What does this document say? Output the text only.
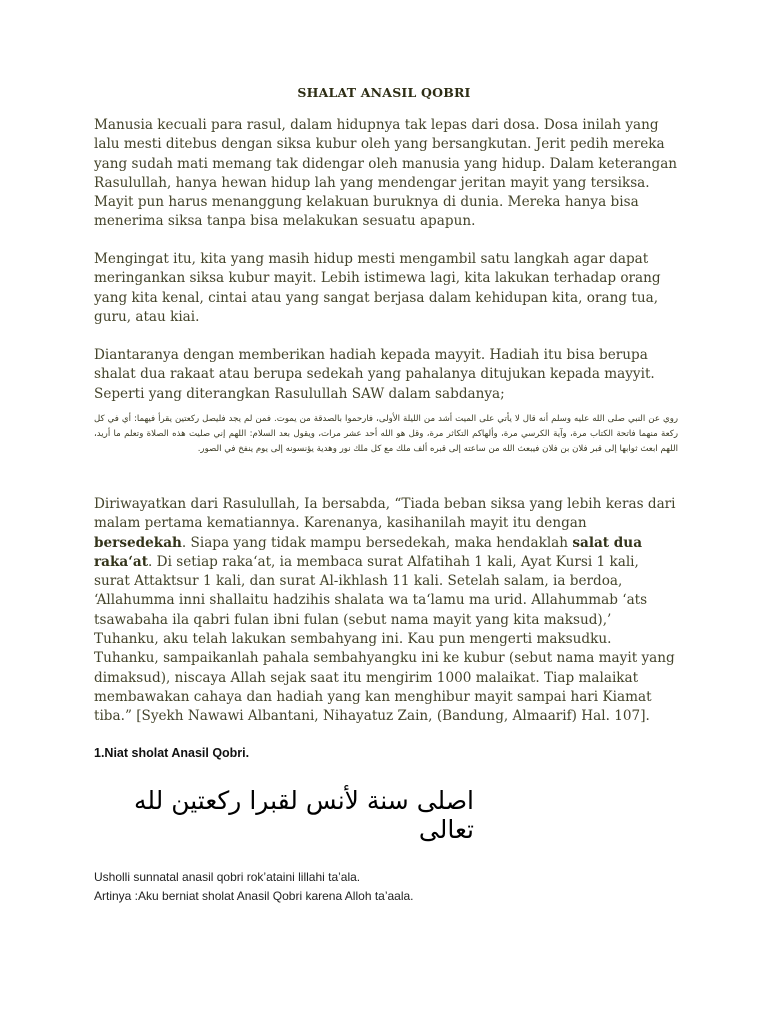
SHALAT ANASIL QOBRI

Manusia kecuali para rasul, dalam hidupnya tak lepas dari dosa. Dosa inilah yang lalu mesti ditebus dengan siksa kubur oleh yang bersangkutan. Jerit pedih mereka yang sudah mati memang tak didengar oleh manusia yang hidup. Dalam keterangan Rasulullah, hanya hewan hidup lah yang mendengar jeritan mayit yang tersiksa. Mayit pun harus menanggung kelakuan buruknya di dunia. Mereka hanya bisa menerima siksa tanpa bisa melakukan sesuatu apapun.

Mengingat itu, kita yang masih hidup mesti mengambil satu langkah agar dapat meringankan siksa kubur mayit. Lebih istimewa lagi, kita lakukan terhadap orang yang kita kenal, cintai atau yang sangat berjasa dalam kehidupan kita, orang tua, guru, atau kiai.

Diantaranya dengan memberikan hadiah kepada mayyit. Hadiah itu bisa berupa shalat dua rakaat atau berupa sedekah yang pahalanya ditujukan kepada mayyit. Seperti yang diterangkan Rasulullah SAW dalam sabdanya;

روي عن النبي صلى الله عليه وسلم أنه قال لا يأتي على الميت أشد من الليلة الأولى، فارحموا بالصدقة من يموت. فمن لم يجد فليصل ركعتين يقرأ فيهما: أي في كل ركعة منهما فاتحة الكتاب مرة، وآية الكرسي مرة، وألهاكم التكاثر مرة، وقل هو الله أحد عشر مرات، ويقول بعد السلام: اللهم إني صليت هذه الصلاة وتعلم ما أريد، اللهم ابعث ثوابها إلى قبر فلان بن فلان فيبعث الله من ساعته إلى قبره ألف ملك مع كل ملك نور وهدية يؤنسونه إلى يوم ينفخ في الصور.

Diriwayatkan dari Rasulullah, Ia bersabda, “Tiada beban siksa yang lebih keras dari malam pertama kematiannya. Karenanya, kasihanilah mayit itu dengan bersedekah. Siapa yang tidak mampu bersedekah, maka hendaklah salat dua raka‘at. Di setiap raka‘at, ia membaca surat Alfatihah 1 kali, Ayat Kursi 1 kali, surat Attaktsur 1 kali, dan surat Al-ikhlash 11 kali. Setelah salam, ia berdoa, ‘Allahumma inni shallaitu hadzihis shalata wa ta‘lamu ma urid. Allahummab ‘ats tsawabaha ila qabri fulan ibni fulan (sebut nama mayit yang kita maksud),’ Tuhanku, aku telah lakukan sembahyang ini. Kau pun mengerti maksudku. Tuhanku, sampaikanlah pahala sembahyangku ini ke kubur (sebut nama mayit yang dimaksud), niscaya Allah sejak saat itu mengirim 1000 malaikat. Tiap malaikat membawakan cahaya dan hadiah yang kan menghibur mayit sampai hari Kiamat tiba.” [Syekh Nawawi Albantani, Nihayatuz Zain, (Bandung, Almaarif) Hal. 107].

1.Niat sholat Anasil Qobri.
اصلى سنة لأنس لقبرا ركعتين لله تعالى
Usholli sunnatal anasil qobri rok’ataini lillahi ta’ala.
Artinya :Aku berniat sholat Anasil Qobri karena Alloh ta’aala.
